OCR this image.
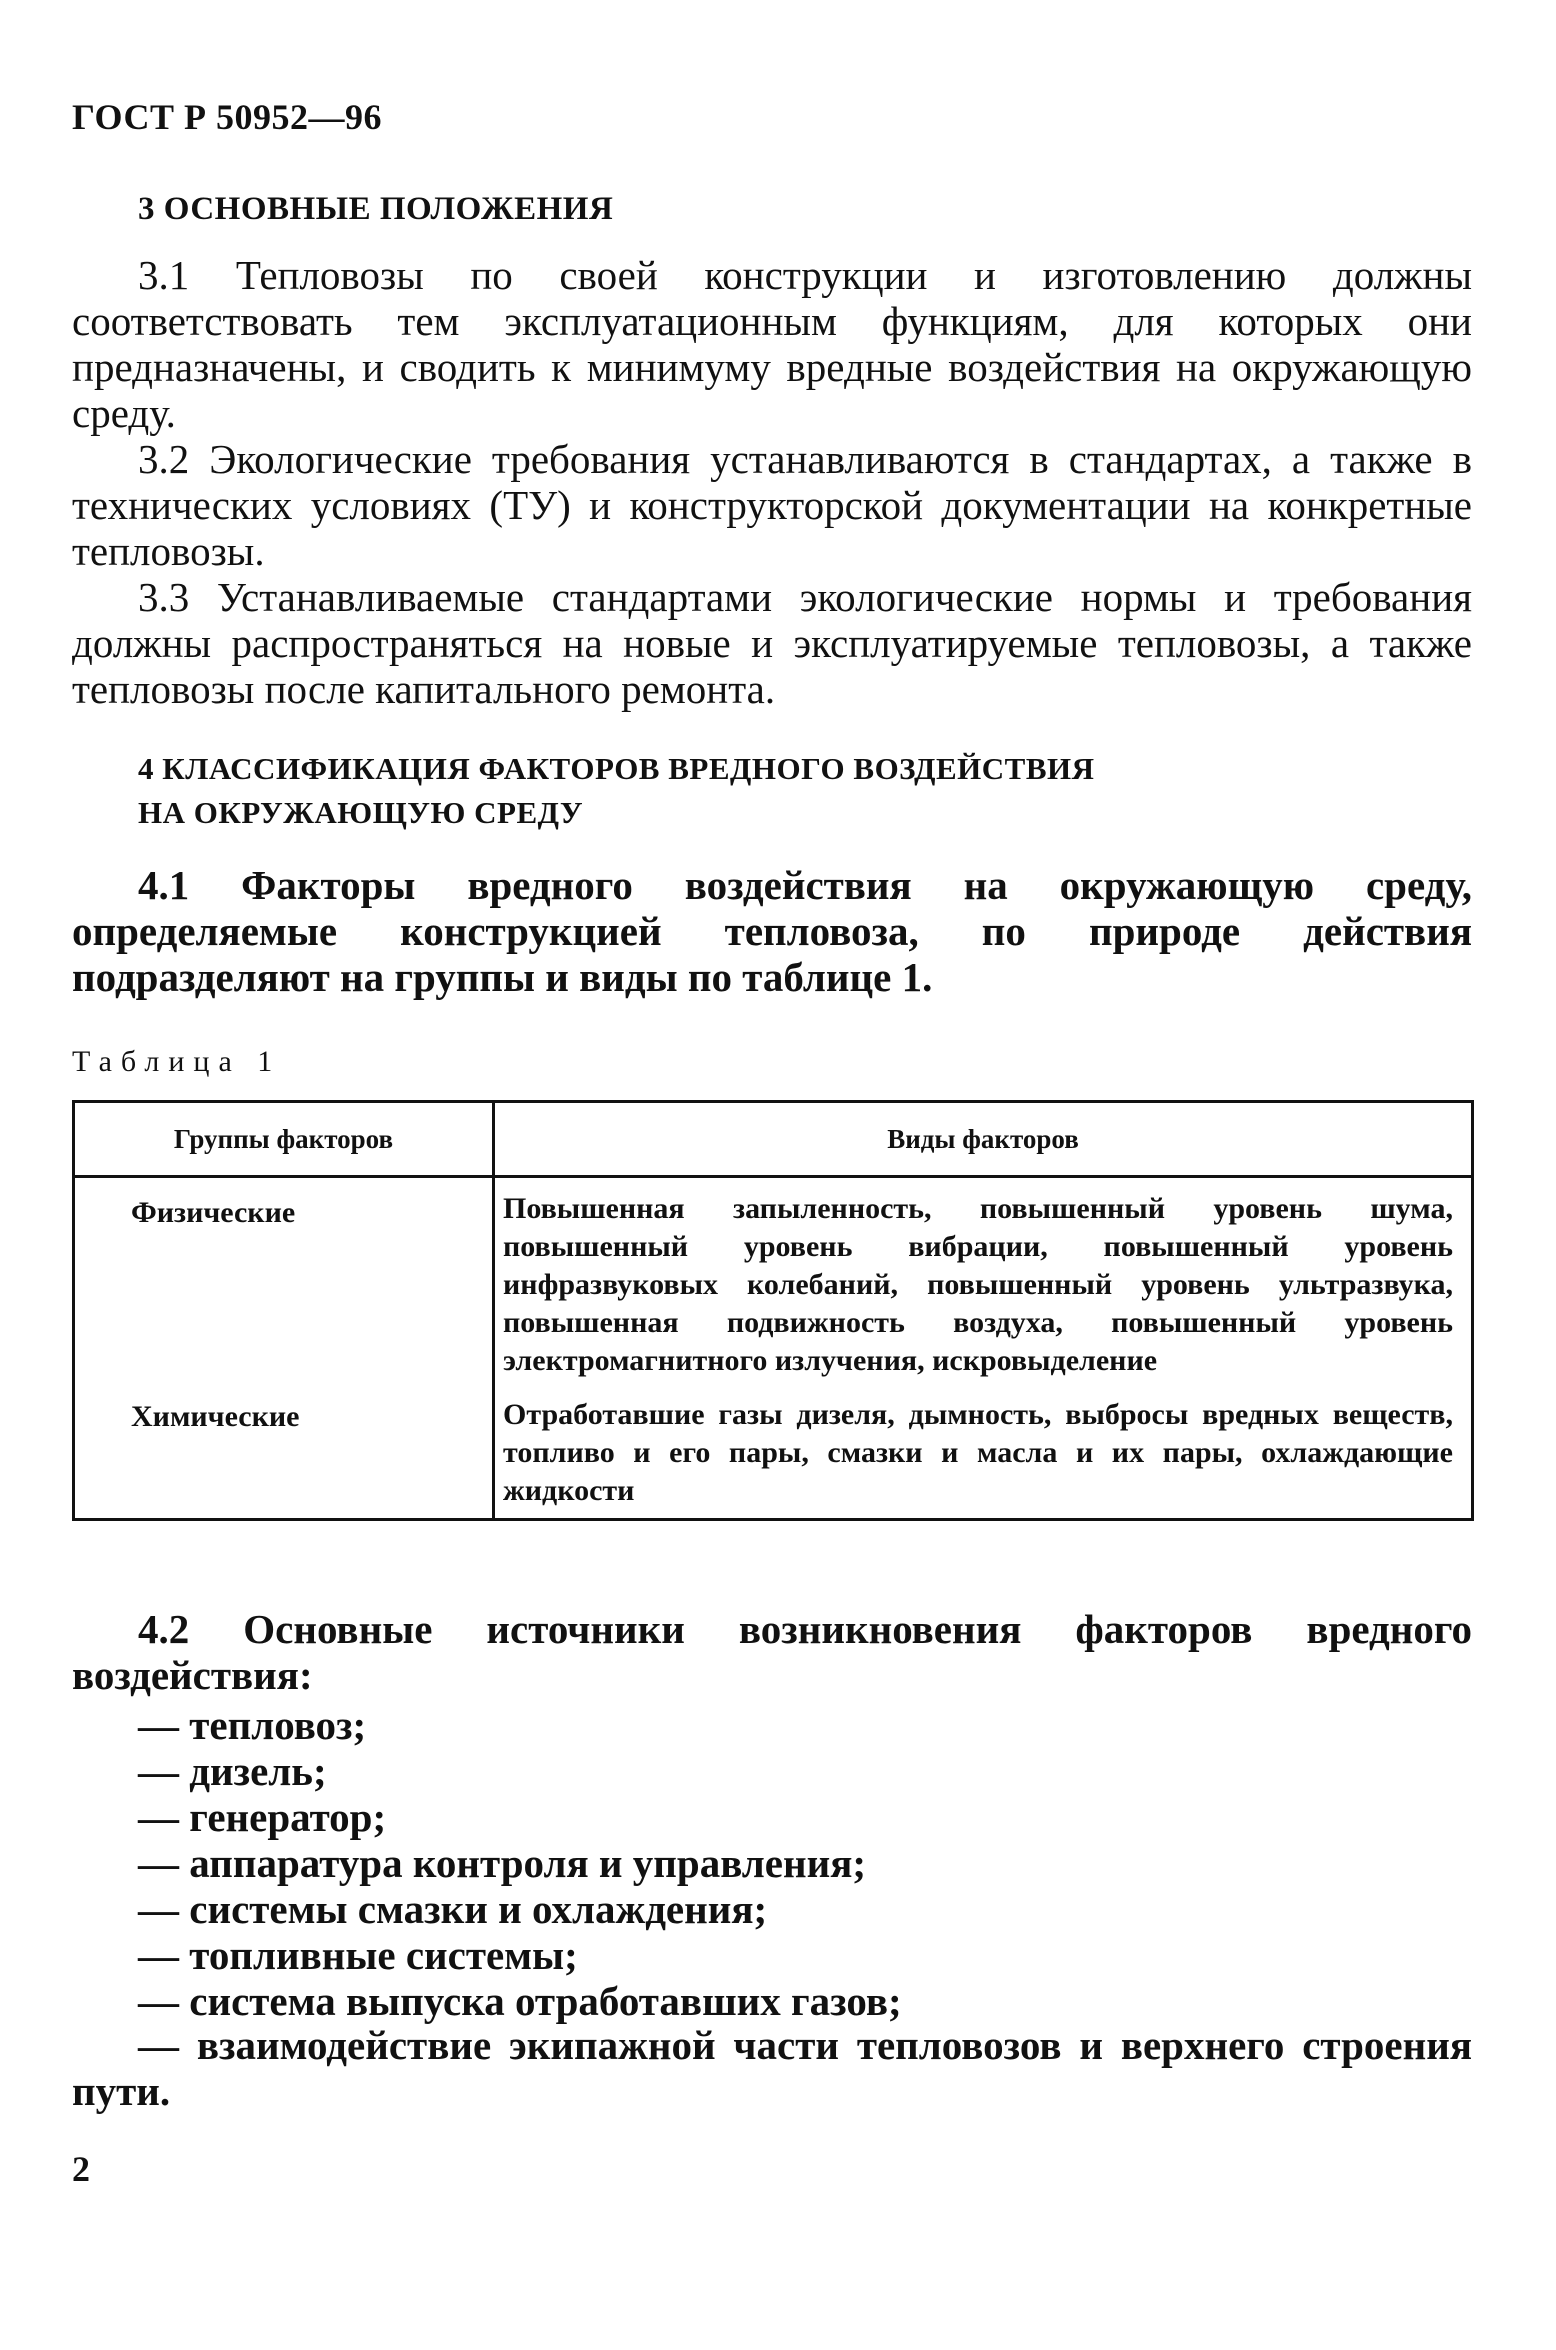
ГОСТ Р 50952—96
3 ОСНОВНЫЕ ПОЛОЖЕНИЯ

3.1 Тепловозы по своей конструкции и изготовлению должны соответствовать тем эксплуатационным функциям, для которых они предназначены, и сводить к минимуму вредные воздействия на окружающую среду.

3.2 Экологические требования устанавливаются в стандартах, а также в технических условиях (ТУ) и конструкторской документации на конкретные тепловозы.

3.3 Устанавливаемые стандартами экологические нормы и требования должны распространяться на новые и эксплуатируемые тепловозы, а также тепловозы после капитального ремонта.

4 КЛАССИФИКАЦИЯ ФАКТОРОВ ВРЕДНОГО ВОЗДЕЙСТВИЯ
НА ОКРУЖАЮЩУЮ СРЕДУ

4.1 Факторы вредного воздействия на окружающую среду, определяемые конструкцией тепловоза, по природе действия подразделяют на группы и виды по таблице 1.

Таблица 1
Группы факторов	Виды факторов
Физические	Повышенная запыленность, повышенный уровень шума, повышенный уровень вибрации, повышенный уровень инфразвуковых колебаний, повышенный уровень ультразвука, повышенная подвижность воздуха, повышенный уровень электромагнитного излучения, искровыделение
Химические	Отработавшие газы дизеля, дымность, выбросы вредных веществ, топливо и его пары, смазки и масла и их пары, охлаждающие жидкости

4.2 Основные источники возникновения факторов вредного воздействия:

— тепловоз;
— дизель;
— генератор;
— аппаратура контроля и управления;
— системы смазки и охлаждения;
— топливные системы;
— система выпуска отработавших газов;

— взаимодействие экипажной части тепловозов и верхнего строения пути.

2
